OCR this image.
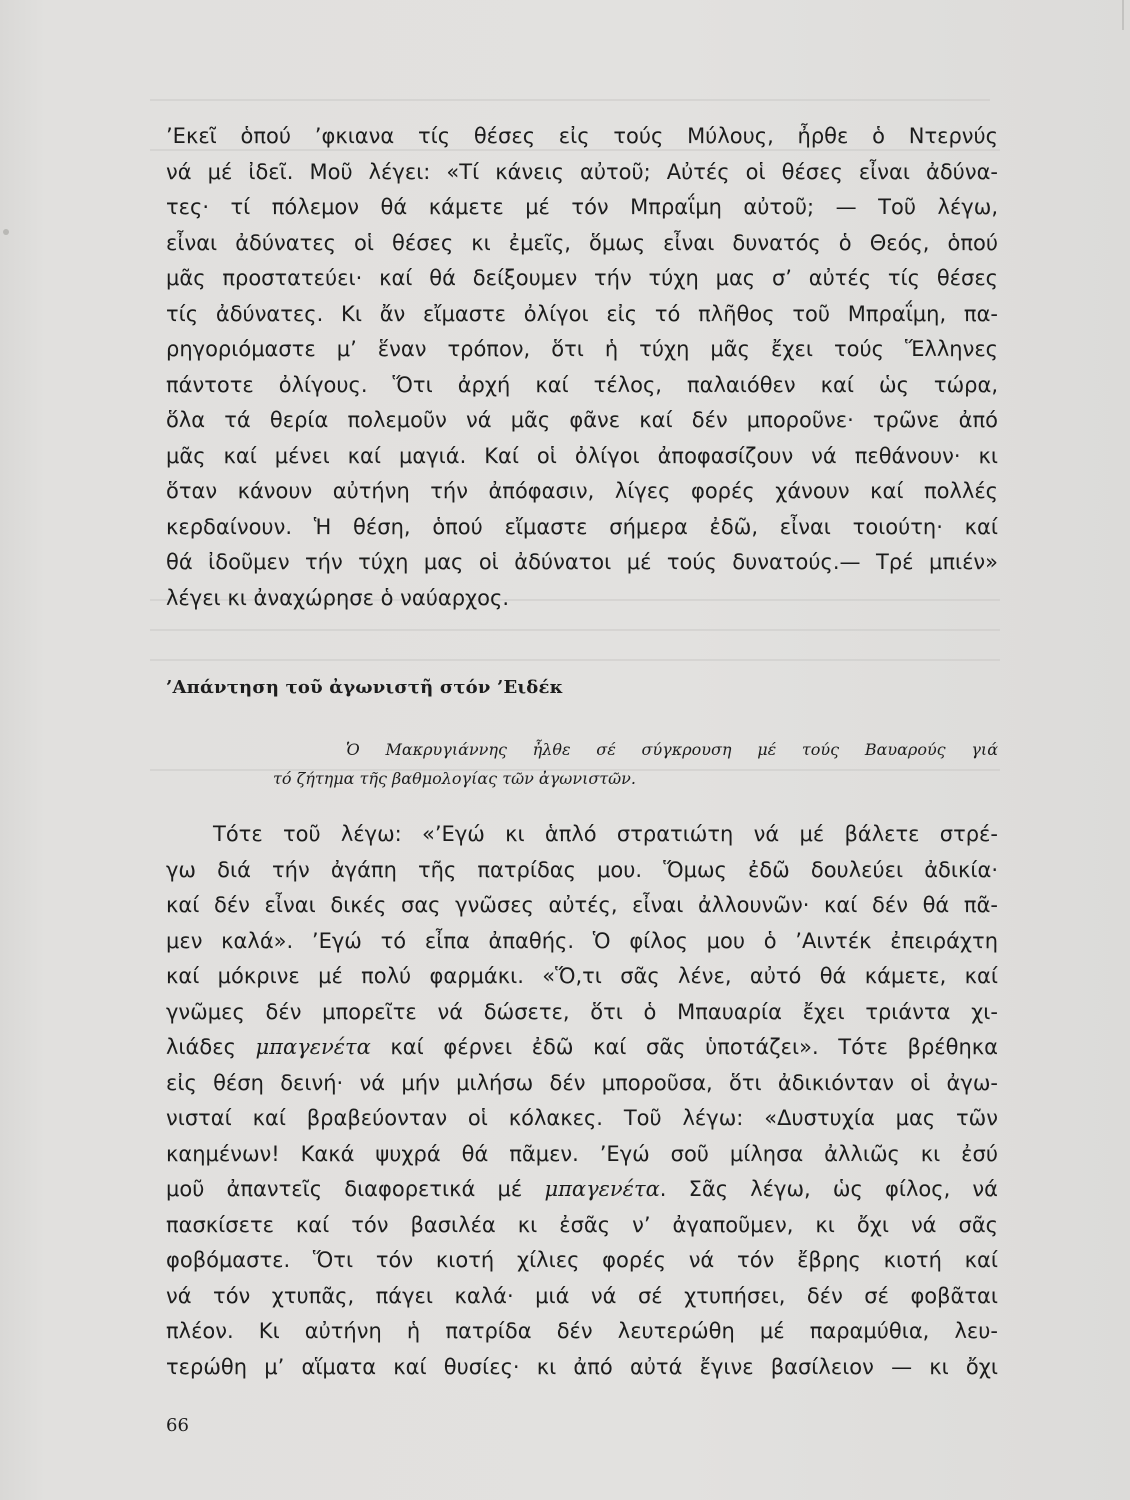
’Εκεῖ ὁπού ’φκιανα τίς θέσες εἰς τούς Μύλους, ἦρθε ὁ Ντερνύς
νά μέ ἰδεῖ. Μοῦ λέγει: «Τί κάνεις αὐτοῦ; Αὐτές οἱ θέσες εἶναι ἀδύνα-
τες· τί πόλεμον θά κάμετε μέ τόν Μπραΐμη αὐτοῦ; — Τοῦ λέγω,
εἶναι ἀδύνατες οἱ θέσες κι ἐμεῖς, ὅμως εἶναι δυνατός ὁ Θεός, ὁπού
μᾶς προστατεύει· καί θά δείξουμεν τήν τύχη μας σ’ αὐτές τίς θέσες
τίς ἀδύνατες. Κι ἄν εἴμαστε ὀλίγοι εἰς τό πλῆθος τοῦ Μπραΐμη, πα-
ρηγοριόμαστε μ’ ἕναν τρόπον, ὅτι ἡ τύχη μᾶς ἔχει τούς Ἕλληνες
πάντοτε ὀλίγους. Ὅτι ἀρχή καί τέλος, παλαιόθεν καί ὡς τώρα,
ὅλα τά θερία πολεμοῦν νά μᾶς φᾶνε καί δέν μποροῦνε· τρῶνε ἀπό
μᾶς καί μένει καί μαγιά. Καί οἱ ὀλίγοι ἀποφασίζουν νά πεθάνουν· κι
ὅταν κάνουν αὐτήνη τήν ἀπόφασιν, λίγες φορές χάνουν καί πολλές
κερδαίνουν. Ἡ θέση, ὁπού εἴμαστε σήμερα ἐδῶ, εἶναι τοιούτη· καί
θά ἰδοῦμεν τήν τύχη μας οἱ ἀδύνατοι μέ τούς δυνατούς.— Τρέ μπιέν»
λέγει κι ἀναχώρησε ὁ ναύαρχος.
’Απάντηση τοῦ ἀγωνιστῆ στόν ’Ειδέκ
Ὁ Μακρυγιάννης ἦλθε σέ σύγκρουση μέ τούς Βαυαρούς γιά
τό ζήτημα τῆς βαθμολογίας τῶν ἀγωνιστῶν.
Τότε τοῦ λέγω: «’Εγώ κι ἁπλό στρατιώτη νά μέ βάλετε στρέ-
γω διά τήν ἀγάπη τῆς πατρίδας μου. Ὅμως ἐδῶ δουλεύει ἀδικία·
καί δέν εἶναι δικές σας γνῶσες αὐτές, εἶναι ἀλλουνῶν· καί δέν θά πᾶ-
μεν καλά». ’Εγώ τό εἶπα ἀπαθής. Ὁ φίλος μου ὁ ’Αιντέκ ἐπειράχτη
καί μόκρινε μέ πολύ φαρμάκι. «Ὅ,τι σᾶς λένε, αὐτό θά κάμετε, καί
γνῶμες δέν μπορεῖτε νά δώσετε, ὅτι ὁ Μπαυαρία ἔχει τριάντα χι-
λιάδες μπαγενέτα καί φέρνει ἐδῶ καί σᾶς ὑποτάζει». Τότε βρέθηκα
εἰς θέση δεινή· νά μήν μιλήσω δέν μποροῦσα, ὅτι ἀδικιόνταν οἱ ἀγω-
νισταί καί βραβεύονταν οἱ κόλακες. Τοῦ λέγω: «Δυστυχία μας τῶν
καημένων! Κακά ψυχρά θά πᾶμεν. ’Εγώ σοῦ μίλησα ἀλλιῶς κι ἐσύ
μοῦ ἀπαντεῖς διαφορετικά μέ μπαγενέτα. Σᾶς λέγω, ὡς φίλος, νά
πασκίσετε καί τόν βασιλέα κι ἐσᾶς ν’ ἀγαποῦμεν, κι ὄχι νά σᾶς
φοβόμαστε. Ὅτι τόν κιοτή χίλιες φορές νά τόν ἔβρης κιοτή καί
νά τόν χτυπᾶς, πάγει καλά· μιά νά σέ χτυπήσει, δέν σέ φοβᾶται
πλέον. Κι αὐτήνη ἡ πατρίδα δέν λευτερώθη μέ παραμύθια, λευ-
τερώθη μ’ αἵματα καί θυσίες· κι ἀπό αὐτά ἔγινε βασίλειον — κι ὄχι
66
